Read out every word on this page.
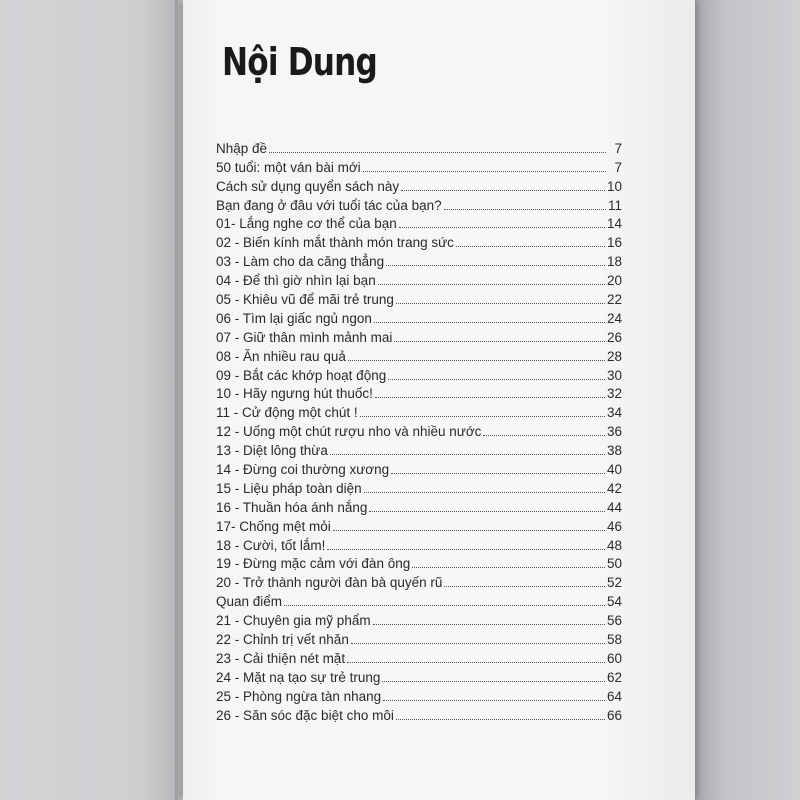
Nội Dung
Nhập đề	7
50 tuổi: một ván bài mới	7
Cách sử dụng quyển sách này	10
Bạn đang ở đâu với tuổi tác của bạn?	11
01- Lắng nghe cơ thể của bạn	14
02 - Biến kính mắt thành món trang sức	16
03 - Làm cho da căng thẳng	18
04 - Để thì giờ nhìn lại bạn	20
05 - Khiêu vũ để mãi trẻ trung	22
06 - Tìm lại giấc ngủ ngon	24
07 - Giữ thân mình mảnh mai	26
08 - Ăn nhiều rau quả	28
09 - Bắt các khớp hoạt động	30
10 - Hãy ngưng hút thuốc!	32
11 - Cử động một chút !	34
12 - Uống một chút rượu nho và nhiều nước	36
13 - Diệt lông thừa	38
14 - Đừng coi thường xương	40
15 - Liệu pháp toàn diện	42
16 - Thuần hóa ánh nắng	44
17- Chống mệt mỏi	46
18 - Cười, tốt lắm!	48
19 - Đừng mặc cảm với đàn ông	50
20 - Trở thành người đàn bà quyến rũ	52
Quan điểm	54
21 - Chuyên gia mỹ phẩm	56
22 - Chỉnh trị vết nhăn	58
23 - Cải thiện nét mặt	60
24 - Mặt nạ tạo sự trẻ trung	62
25 - Phòng ngừa tàn nhang	64
26 - Săn sóc đặc biệt cho môi	66
